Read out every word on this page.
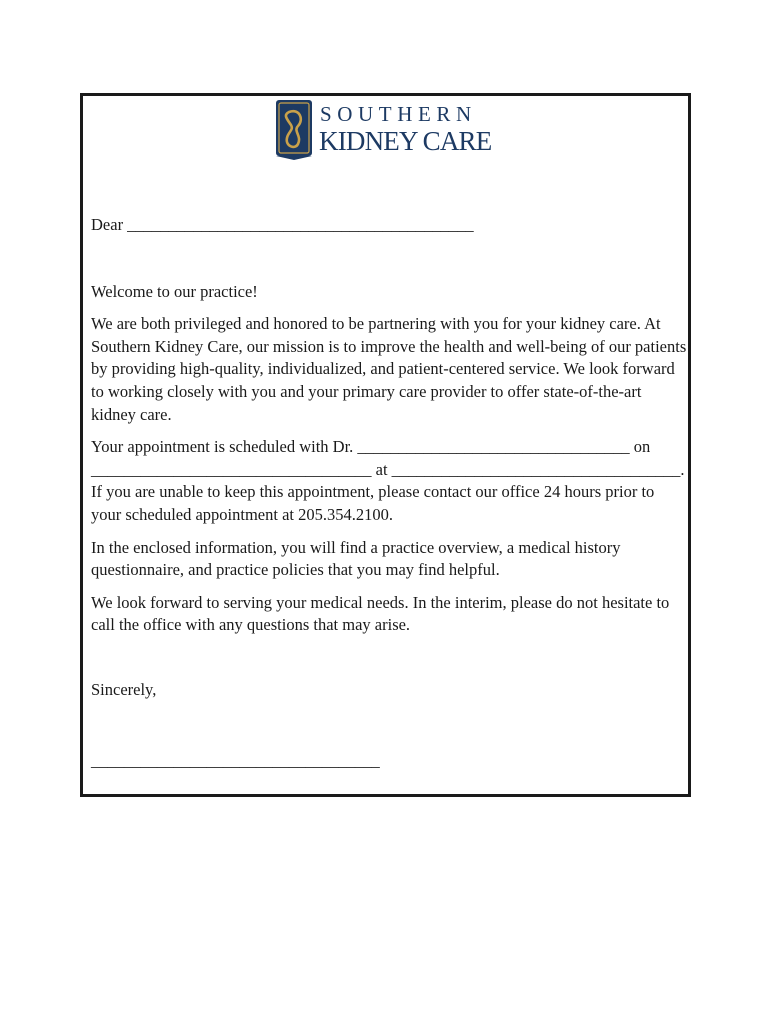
SOUTHERN
KIDNEY CARE

Dear __________________________________________

Welcome to our practice!

We are both privileged and honored to be partnering with you for your kidney care. At Southern Kidney Care, our mission is to improve the health and well-being of our patients by providing high-quality, individualized, and patient-centered service. We look forward to working closely with you and your primary care provider to offer state-of-the-art kidney care.

Your appointment is scheduled with Dr. _________________________________ on __________________________________ at ___________________________________. If you are unable to keep this appointment, please contact our office 24 hours prior to your scheduled appointment at 205.354.2100.

In the enclosed information, you will find a practice overview, a medical history questionnaire, and practice policies that you may find helpful.

We look forward to serving your medical needs. In the interim, please do not hesitate to call the office with any questions that may arise.

Sincerely,

___________________________________
